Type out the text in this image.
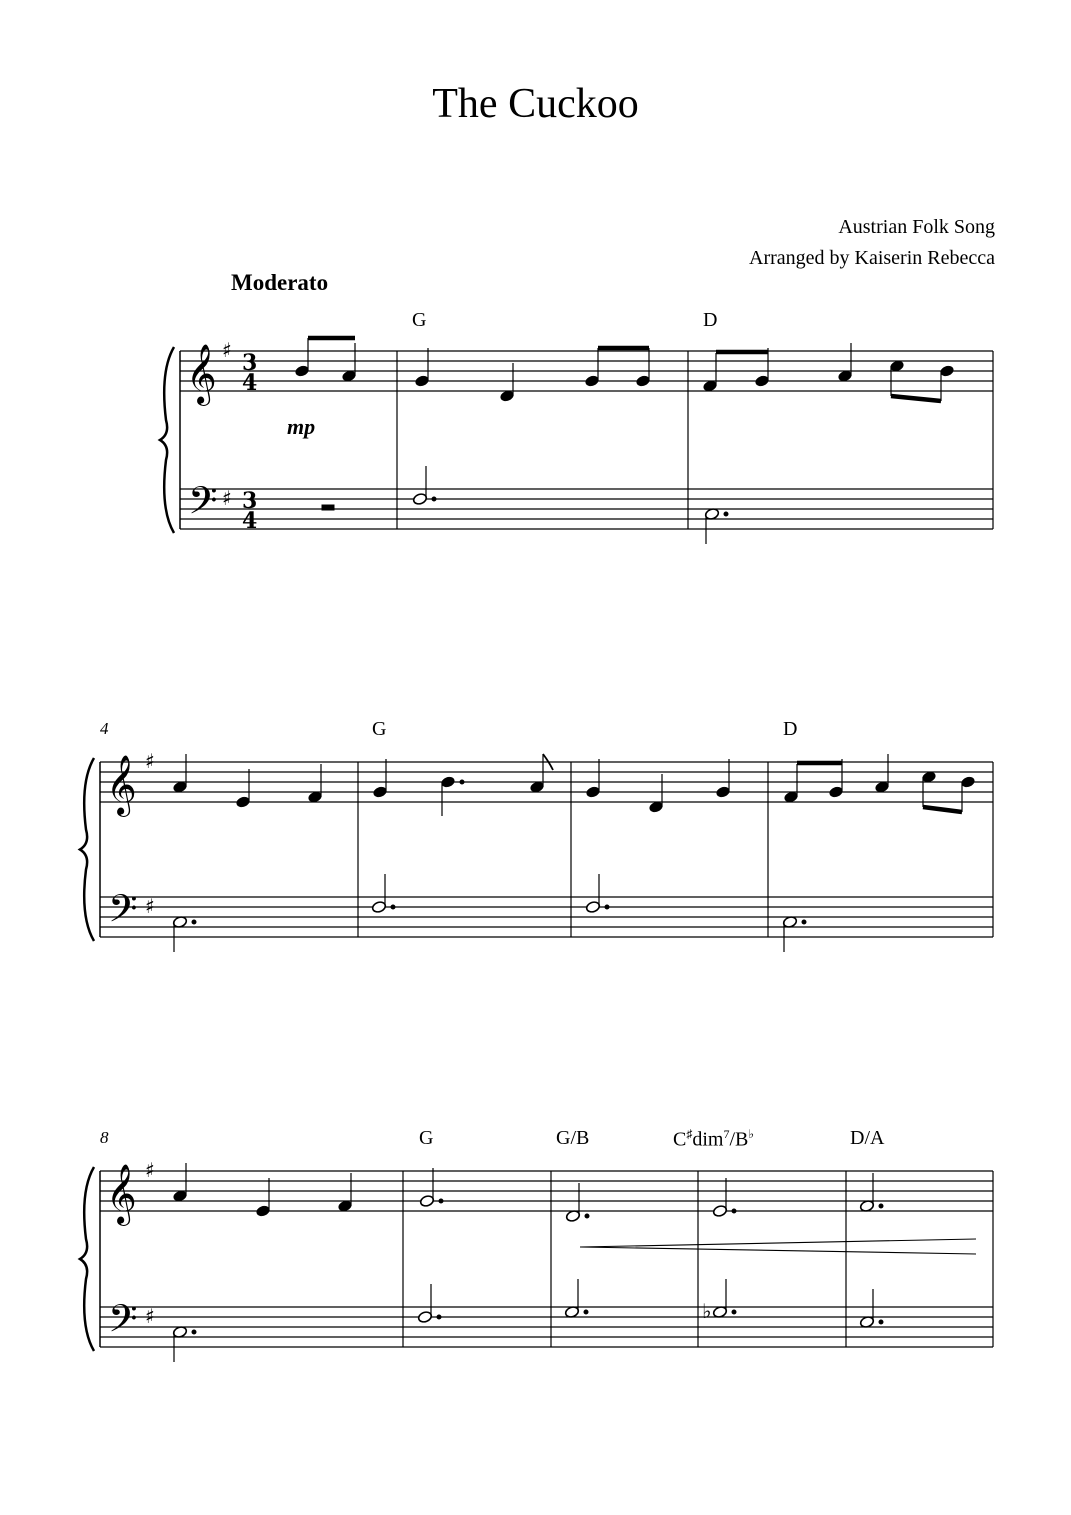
The Cuckoo
Austrian Folk Song
Arranged by Kaiserin Rebecca
Moderato
G	D
G	D
G	G/B	C♯dim$^7$/B♭	D/A
4
8
mp
𝄞
𝄢
♯
♯
3
4
3
4
𝄞
𝄢
♯
♯
𝄞
𝄢
♯
♯	♭
